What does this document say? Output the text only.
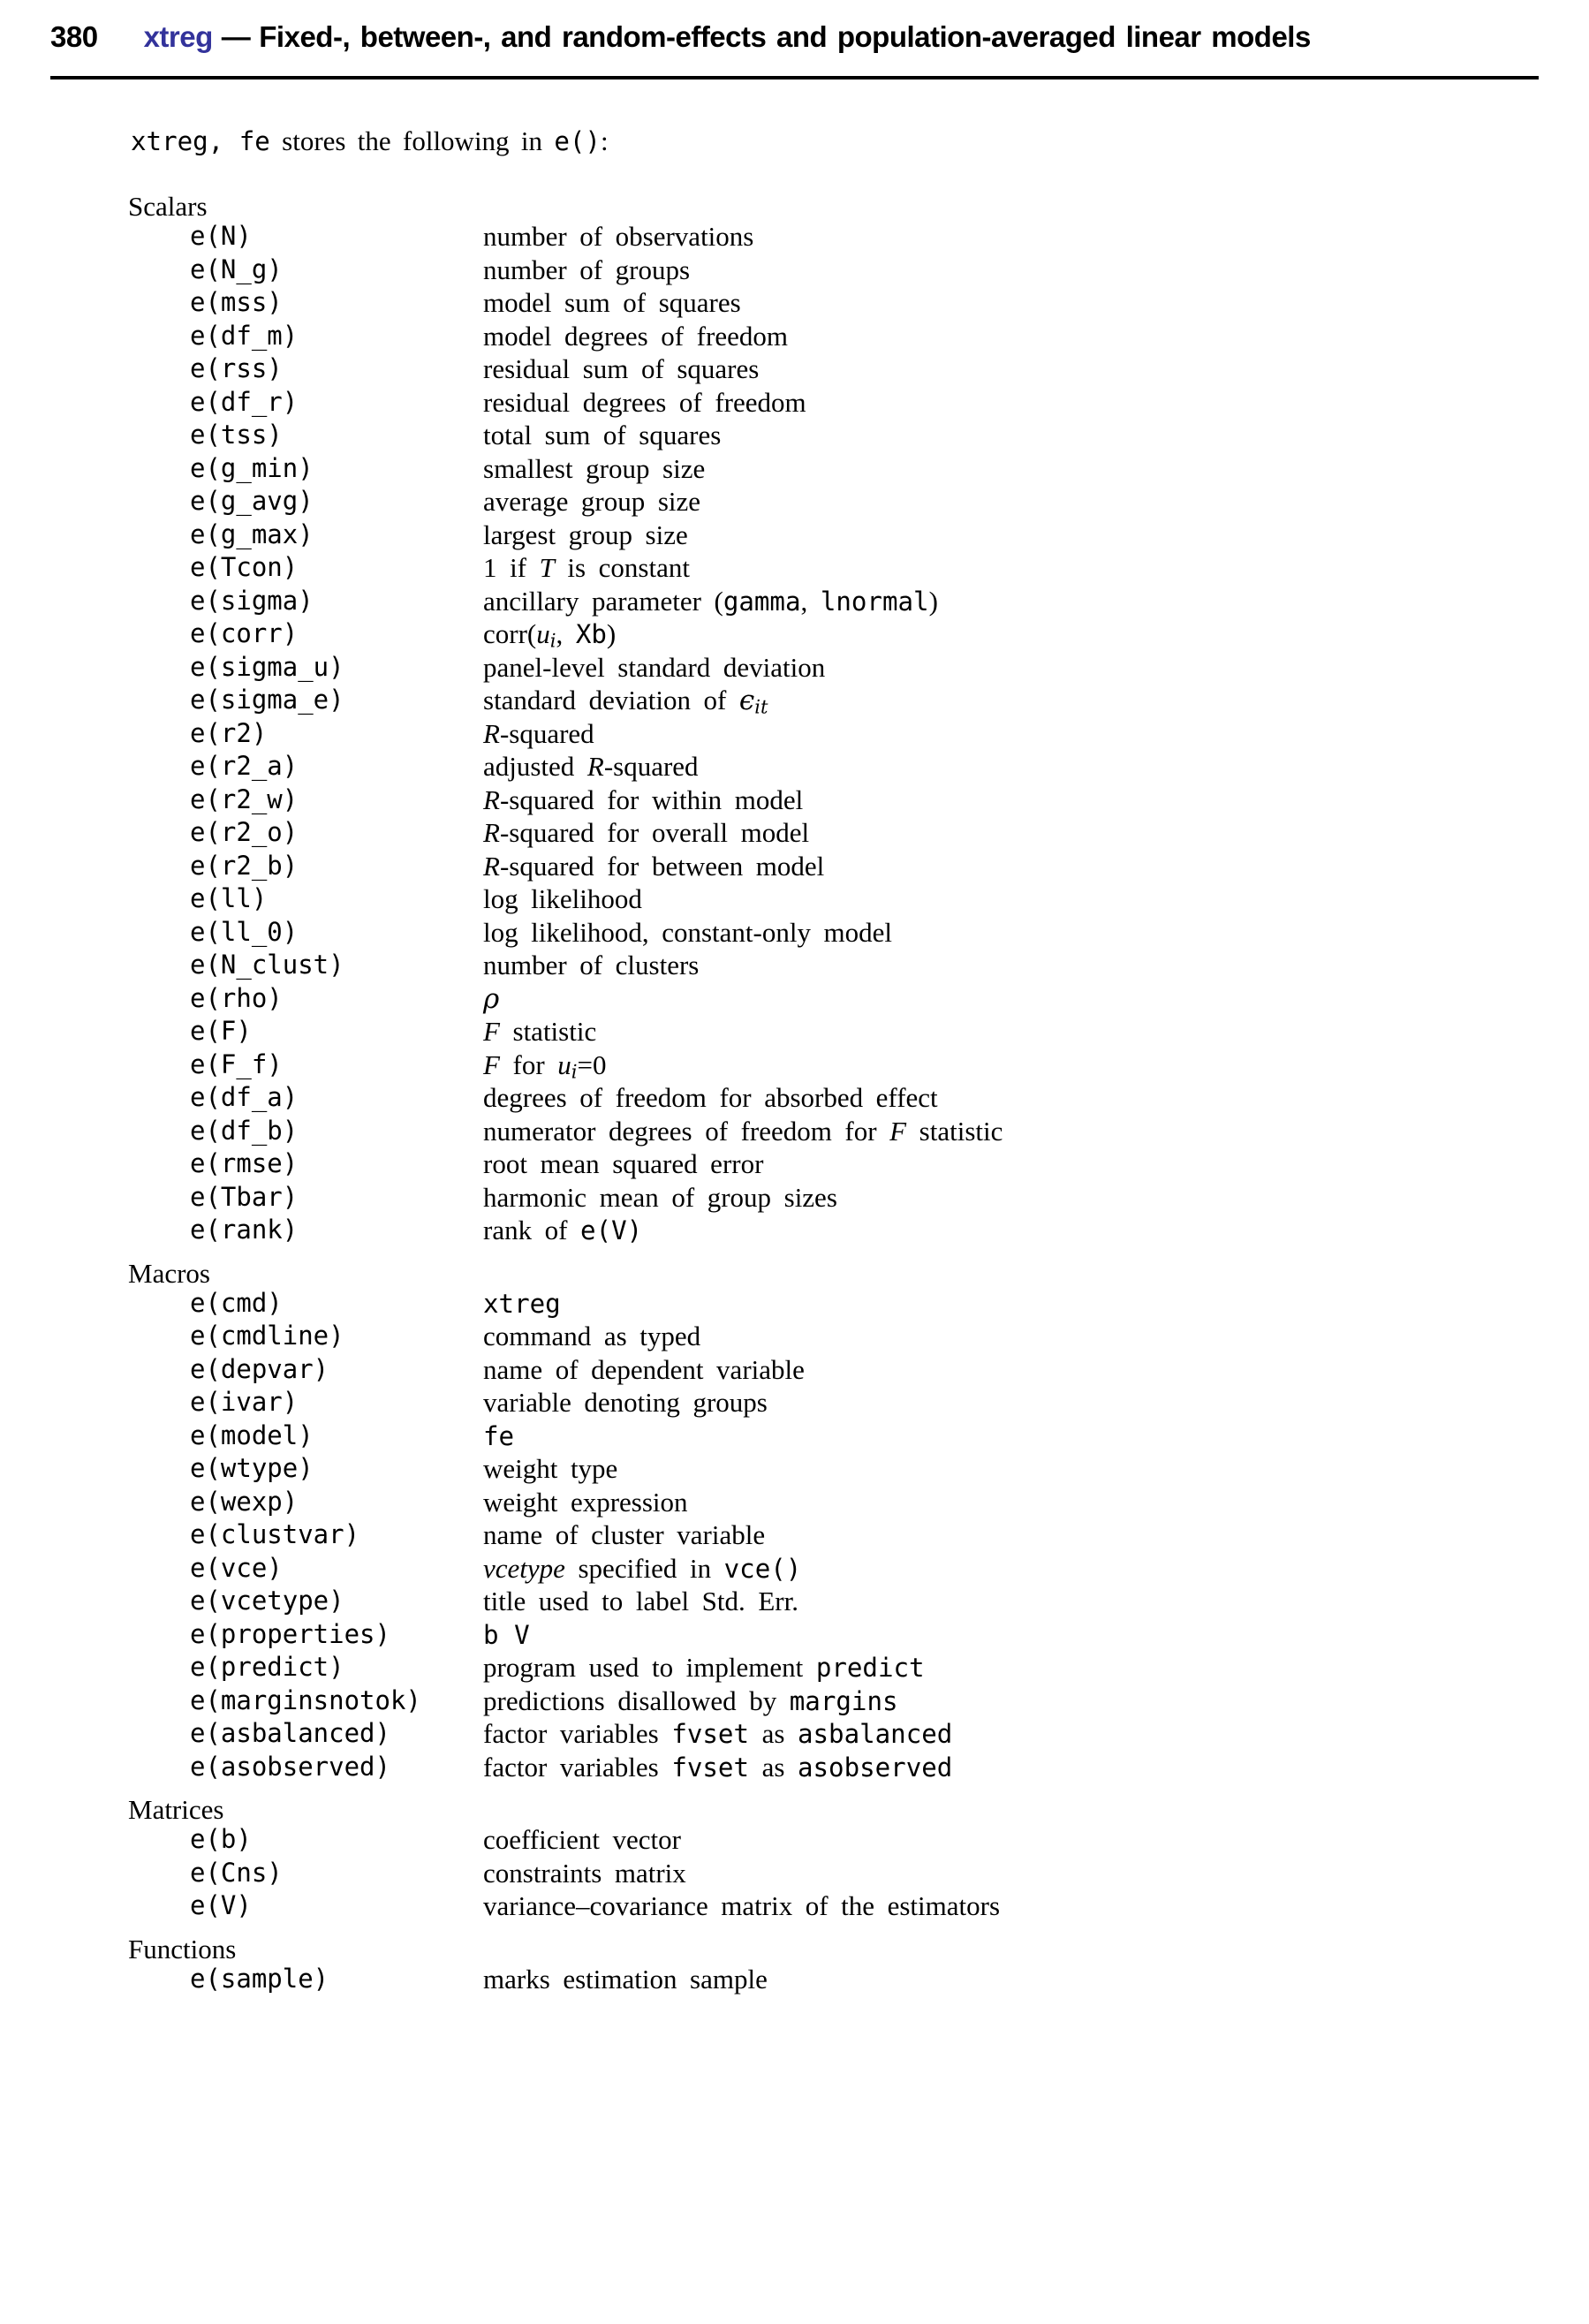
380 xtreg — Fixed-, between-, and random-effects and population-averaged linear models

xtreg, fe stores the following in e():

Scalars
e(N)	number of observations
e(N_g)	number of groups
e(mss)	model sum of squares
e(df_m)	model degrees of freedom
e(rss)	residual sum of squares
e(df_r)	residual degrees of freedom
e(tss)	total sum of squares
e(g_min)	smallest group size
e(g_avg)	average group size
e(g_max)	largest group size
e(Tcon)	1 if T is constant
e(sigma)	ancillary parameter (gamma, lnormal)
e(corr)	corr(ui, Xb)
e(sigma_u)	panel-level standard deviation
e(sigma_e)	standard deviation of ϵit
e(r2)	R-squared
e(r2_a)	adjusted R-squared
e(r2_w)	R-squared for within model
e(r2_o)	R-squared for overall model
e(r2_b)	R-squared for between model
e(ll)	log likelihood
e(ll_0)	log likelihood, constant-only model
e(N_clust)	number of clusters
e(rho)	ρ
e(F)	F statistic
e(F_f)	F for ui=0
e(df_a)	degrees of freedom for absorbed effect
e(df_b)	numerator degrees of freedom for F statistic
e(rmse)	root mean squared error
e(Tbar)	harmonic mean of group sizes
e(rank)	rank of e(V)
Macros
e(cmd)	xtreg
e(cmdline)	command as typed
e(depvar)	name of dependent variable
e(ivar)	variable denoting groups
e(model)	fe
e(wtype)	weight type
e(wexp)	weight expression
e(clustvar)	name of cluster variable
e(vce)	vcetype specified in vce()
e(vcetype)	title used to label Std. Err.
e(properties)	b V
e(predict)	program used to implement predict
e(marginsnotok)	predictions disallowed by margins
e(asbalanced)	factor variables fvset as asbalanced
e(asobserved)	factor variables fvset as asobserved
Matrices
e(b)	coefficient vector
e(Cns)	constraints matrix
e(V)	variance–covariance matrix of the estimators
Functions
e(sample)	marks estimation sample
